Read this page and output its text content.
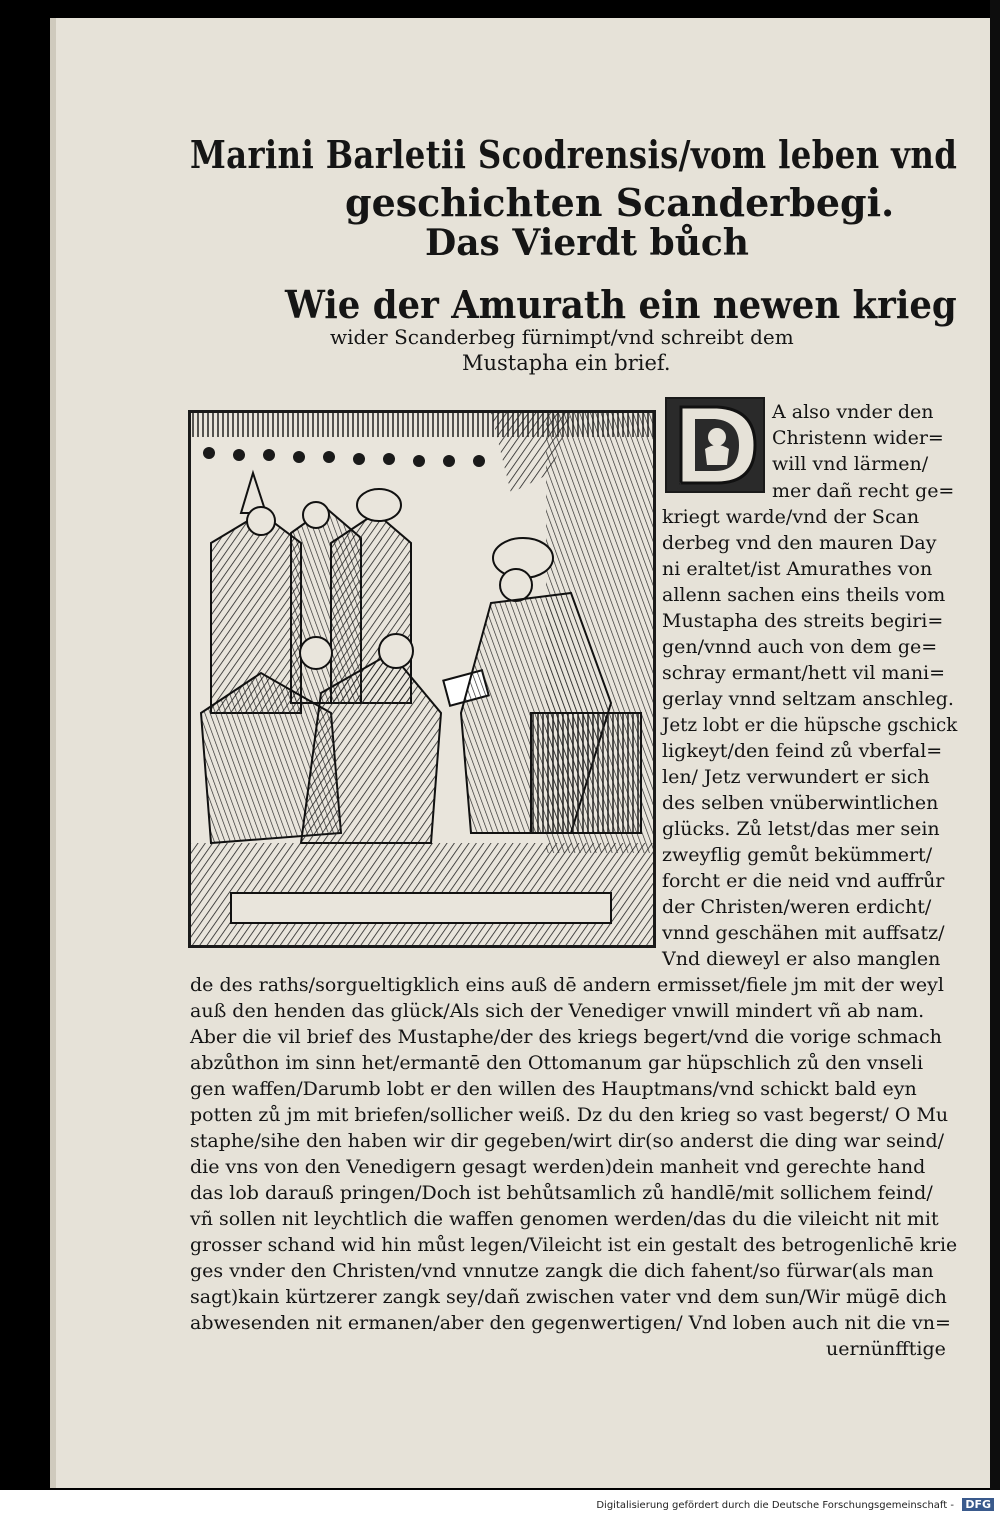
Marini Barletii Scodrensis/vom leben vnd
geschichten Scanderbegi.
Das Vierdt bůch
Wie der Amurath ein newen krieg
wider Scanderbeg fürnimpt/vnd schreibt dem
Mustapha ein brief.
D
A also vnder den
Christenn wider=
will vnd lärmen/
mer dañ recht ge=
kriegt warde/vnd der Scan
derbeg vnd den mauren Day
ni eraltet/ist Amurathes von
allenn sachen eins theils vom
Mustapha des streits begiri=
gen/vnnd auch von dem ge=
schray ermant/hett vil mani=
gerlay vnnd seltzam anschleg.
Jetz lobt er die hüpsche gschick
ligkeyt/den feind zů vberfal=
len/ Jetz verwundert er sich
des selben vnüberwintlichen
glücks. Zů letst/das mer sein
zweyflig gemůt bekümmert/
forcht er die neid vnd auffrůr
der Christen/weren erdicht/
vnnd geschähen mit auffsatz/
Vnd dieweyl er also manglen
de des raths/sorgueltigklich eins auß dē andern ermisset/fiele jm mit der weyl
auß den henden das glück/Als sich der Venediger vnwill mindert vñ ab nam.
Aber die vil brief des Mustaphe/der des kriegs begert/vnd die vorige schmach
abzůthon im sinn het/ermantē den Ottomanum gar hüpschlich zů den vnseli
gen waffen/Darumb lobt er den willen des Hauptmans/vnd schickt bald eyn
potten zů jm mit briefen/sollicher weiß. Dz du den krieg so vast begerst/ O Mu
staphe/sihe den haben wir dir gegeben/wirt dir(so anderst die ding war seind/
die vns von den Venedigern gesagt werden)dein manheit vnd gerechte hand
das lob darauß pringen/Doch ist behůtsamlich zů handlē/mit sollichem feind/
vñ sollen nit leychtlich die waffen genomen werden/das du die vileicht nit mit
grosser schand wid hin můst legen/Vileicht ist ein gestalt des betrogenlichē krie
ges vnder den Christen/vnd vnnutze zangk die dich fahent/so fürwar(als man
sagt)kain kürtzerer zangk sey/dañ zwischen vater vnd dem sun/Wir mügē dich
abwesenden nit ermanen/aber den gegenwertigen/ Vnd loben auch nit die vn=
uernünfftige
Digitalisierung gefördert durch die Deutsche Forschungsgemeinschaft - DFG
